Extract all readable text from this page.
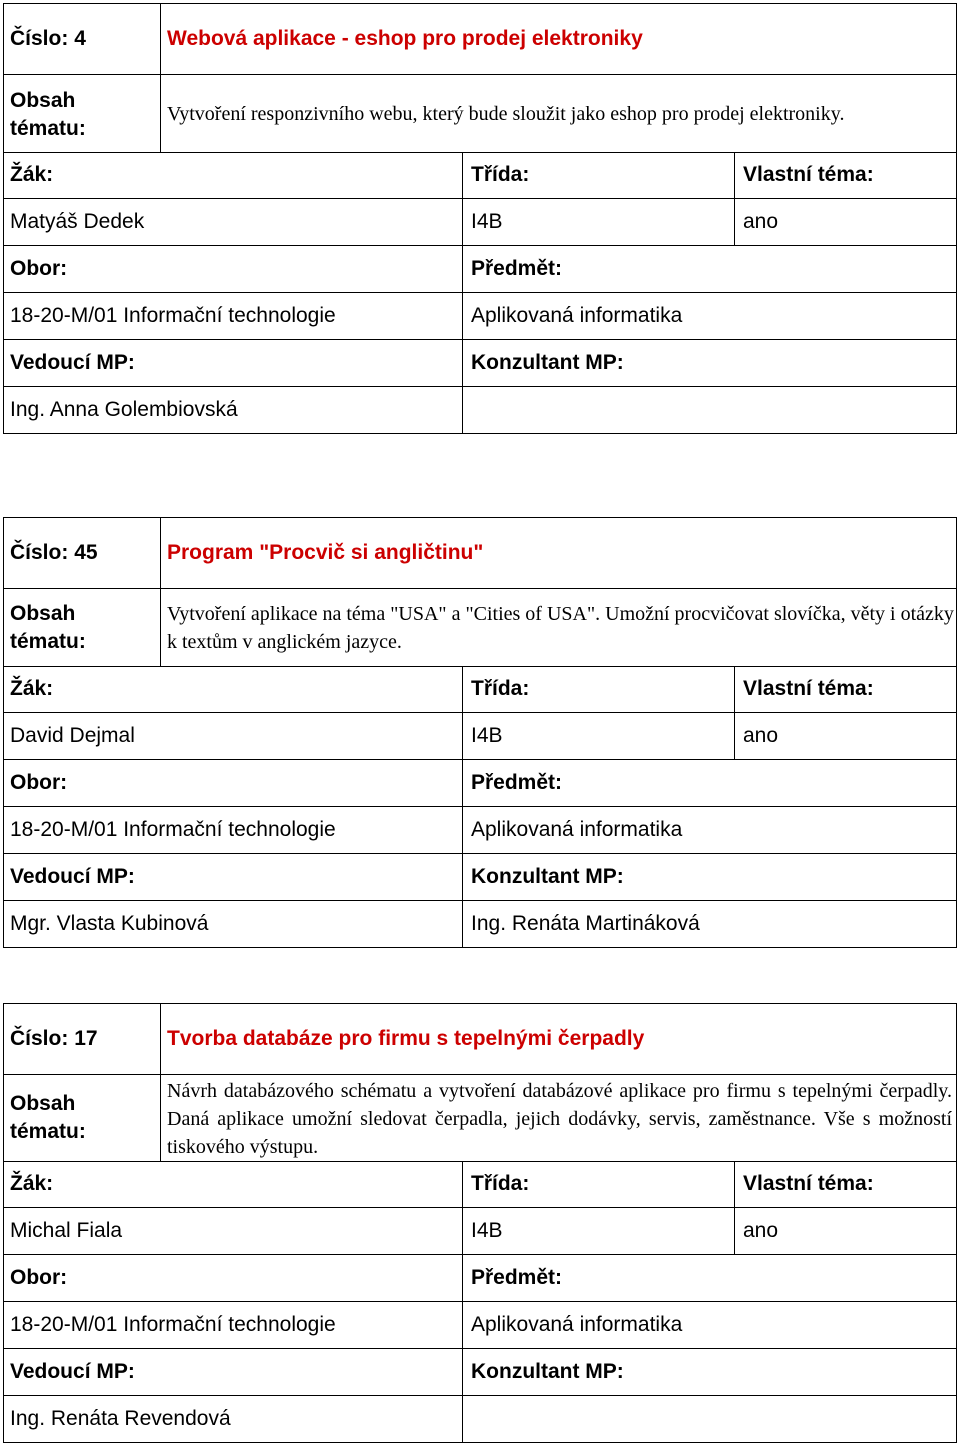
Číslo: 4	Webová aplikace - eshop pro prodej elektroniky
Obsah
tématu:
Vytvoření responzivního webu, který bude sloužit jako eshop pro prodej elektroniky.
Žák:	Třída:	Vlastní téma:
Matyáš Dedek	I4B	ano
Obor:	Předmět:
18-20-M/01 Informační technologie	Aplikovaná informatika
Vedoucí MP:	Konzultant MP:
Ing. Anna Golembiovská
Číslo: 45	Program "Procvič si angličtinu"
Obsah
tématu:
Vytvoření aplikace na téma "USA" a "Cities of USA". Umožní procvičovat slovíčka, věty i otázky k textům v anglickém jazyce.
Žák:	Třída:	Vlastní téma:
David Dejmal	I4B	ano
Obor:	Předmět:
18-20-M/01 Informační technologie	Aplikovaná informatika
Vedoucí MP:	Konzultant MP:
Mgr. Vlasta Kubinová	Ing. Renáta Martináková
Číslo: 17	Tvorba databáze pro firmu s tepelnými čerpadly
Obsah
tématu:
Návrh databázového schématu a vytvoření databázové aplikace pro firmu s tepelnými čerpadly. Daná aplikace umožní sledovat čerpadla, jejich dodávky, servis, zaměstnance. Vše s možností tiskového výstupu.
Žák:	Třída:	Vlastní téma:
Michal Fiala	I4B	ano
Obor:	Předmět:
18-20-M/01 Informační technologie	Aplikovaná informatika
Vedoucí MP:	Konzultant MP:
Ing. Renáta Revendová
